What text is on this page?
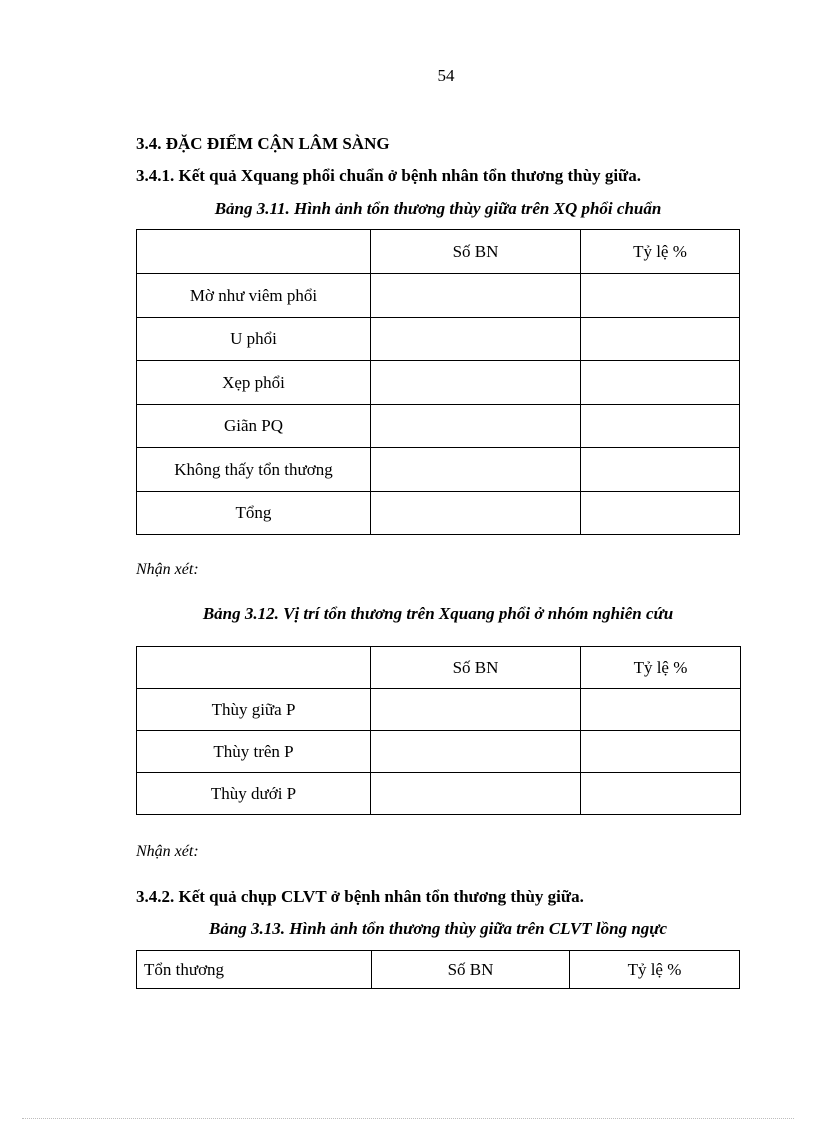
54
3.4. ĐẶC ĐIỂM CẬN LÂM SÀNG
3.4.1. Kết quả Xquang phổi chuẩn ở bệnh nhân tổn thương thùy giữa.
Bảng 3.11. Hình ảnh tổn thương thùy giữa trên XQ phổi chuẩn
	Số BN	Tỷ lệ %
Mờ như viêm phổi		
U phổi		
Xẹp phổi		
Giãn PQ		
Không thấy tổn thương		
Tổng		
Nhận xét:
Bảng 3.12. Vị trí tổn thương trên Xquang phổi ở nhóm nghiên cứu
	Số BN	Tỷ lệ %
Thùy giữa P		
Thùy trên P		
Thùy dưới P		
Nhận xét:
3.4.2. Kết quả chụp CLVT ở bệnh nhân tổn thương thùy giữa.
Bảng 3.13. Hình ảnh tổn thương thùy giữa trên CLVT lồng ngực
Tổn thương	Số BN	Tỷ lệ %
